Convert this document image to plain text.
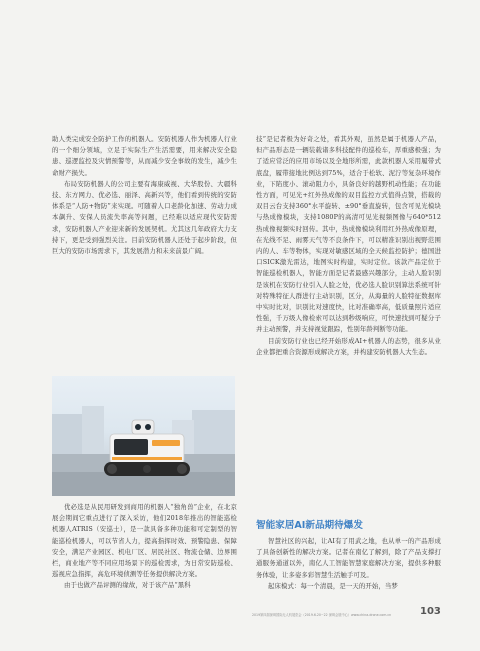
助人类完成安全防护工作的机器人。安防机器人作为机器人行业的一个细分领域，立足于实际生产生活需要，用来解决安全隐患、巡逻监控及灾情预警等，从而减少安全事故的发生，减少生命财产损失。

布局安防机器人的公司主要有海康威视、大华股份、大疆科技、东方网力、优必选、丽泽、高新兴等，他们看到传统的安防体系是“人防+物防”来实现。可随着人口老龄化加速、劳动力成本飙升、安保人员流失率高等问题，已经难以适应现代安防需求，安防机器人产业迎来新的发展契机。尤其这几年政府大力支持下，更是受到强烈关注。目前安防机器人还处于起步阶段，但巨大的安防市场需求下，其发展潜力和未来前景广阔。

优必选是从民用研发到商用的机器人“独角兽”企业，在北京展会期间它重点进行了深入采访，他们2018年推出的智能巡检机器人ATRIS（安巡士），是一款具备多种功能和可定制型的智能巡检机器人，可以节省人力，提高指挥时效、预警隐患、保障安全，满足产业园区、机电厂区、居民社区、物流仓储、边界围栏，商业地产等不同应用场景下的巡检需求，为日常安防巡检、巡视应急指挥，高危环境侦测等任务提供解决方案。

由于也做产品评测的缘故，对于该产品“黑科

技”是记者极为好奇之处，看其外观，虽然是属于机器人产品，但产品形态是一辆装载诸多科技配件的巡检车，厚重感极强；为了适应常泛的应用市场以及全地形所需，此款机器人采用履带式底盘，履带接地比例达到75%，适合于松软、泥泞等复杂环境作业，下陷度小、滚动阻力小，具备良好的越野机动性能；在功能性方面，可见光+红外热成像的双目监控方式值得点赞，搭载的双目云台支持360°水平旋转、±90°垂直旋转，包含可见光模块与热成像模块，支持1080P的高清可见光视频图像与640*512热成像视频实时回传。其中，热成像模块利用红外热成像原理，在光线不足、雨雾天气等不良条件下，可以精准识别出视野范围内的人、车等物体，实现对敏感区域的全天候监控防护；德国进口SICK激光雷达，地图实时构建，实时定位。该款产品定位于智能巡检机器人，智能方面是记者最感兴趣部分，主动人脸识别是该机在安防行业引入人脸之处，优必选人脸识别算法系统可针对特殊特征人群进行主动识别，区分，从海量的人脸特征数据库中实时比对，识别比对速度快，比对准确率高，低质量照片适应性强，千万级人像检索可以达到秒级响应，可快速找到可疑分子并主动预警，并支持视觉跟踪，性别年龄判断等功能。

目前安防行业也已经开始形成AI+机器人的态势，很多从业企业都把重合资源形成解决方案，并构建安防机器人大生态。

智能家居AI新品期待爆发

智慧社区的兴起，让AI有了用武之地，也从单一的产品形成了具备创新性的解决方案。记者在南亿了解到，除了产品支撑打通服务通道以外，南亿人工智能智慧家庭解决方案，提供多种服务体验，让多姿多彩智慧生活触手可及。

起床模式：每一个清晨，是一天的开始，当梦

2019第四届深圳国际无人机展览会（2019.6.20~22 深圳会展中心）www.china-drone.com.cn	103
